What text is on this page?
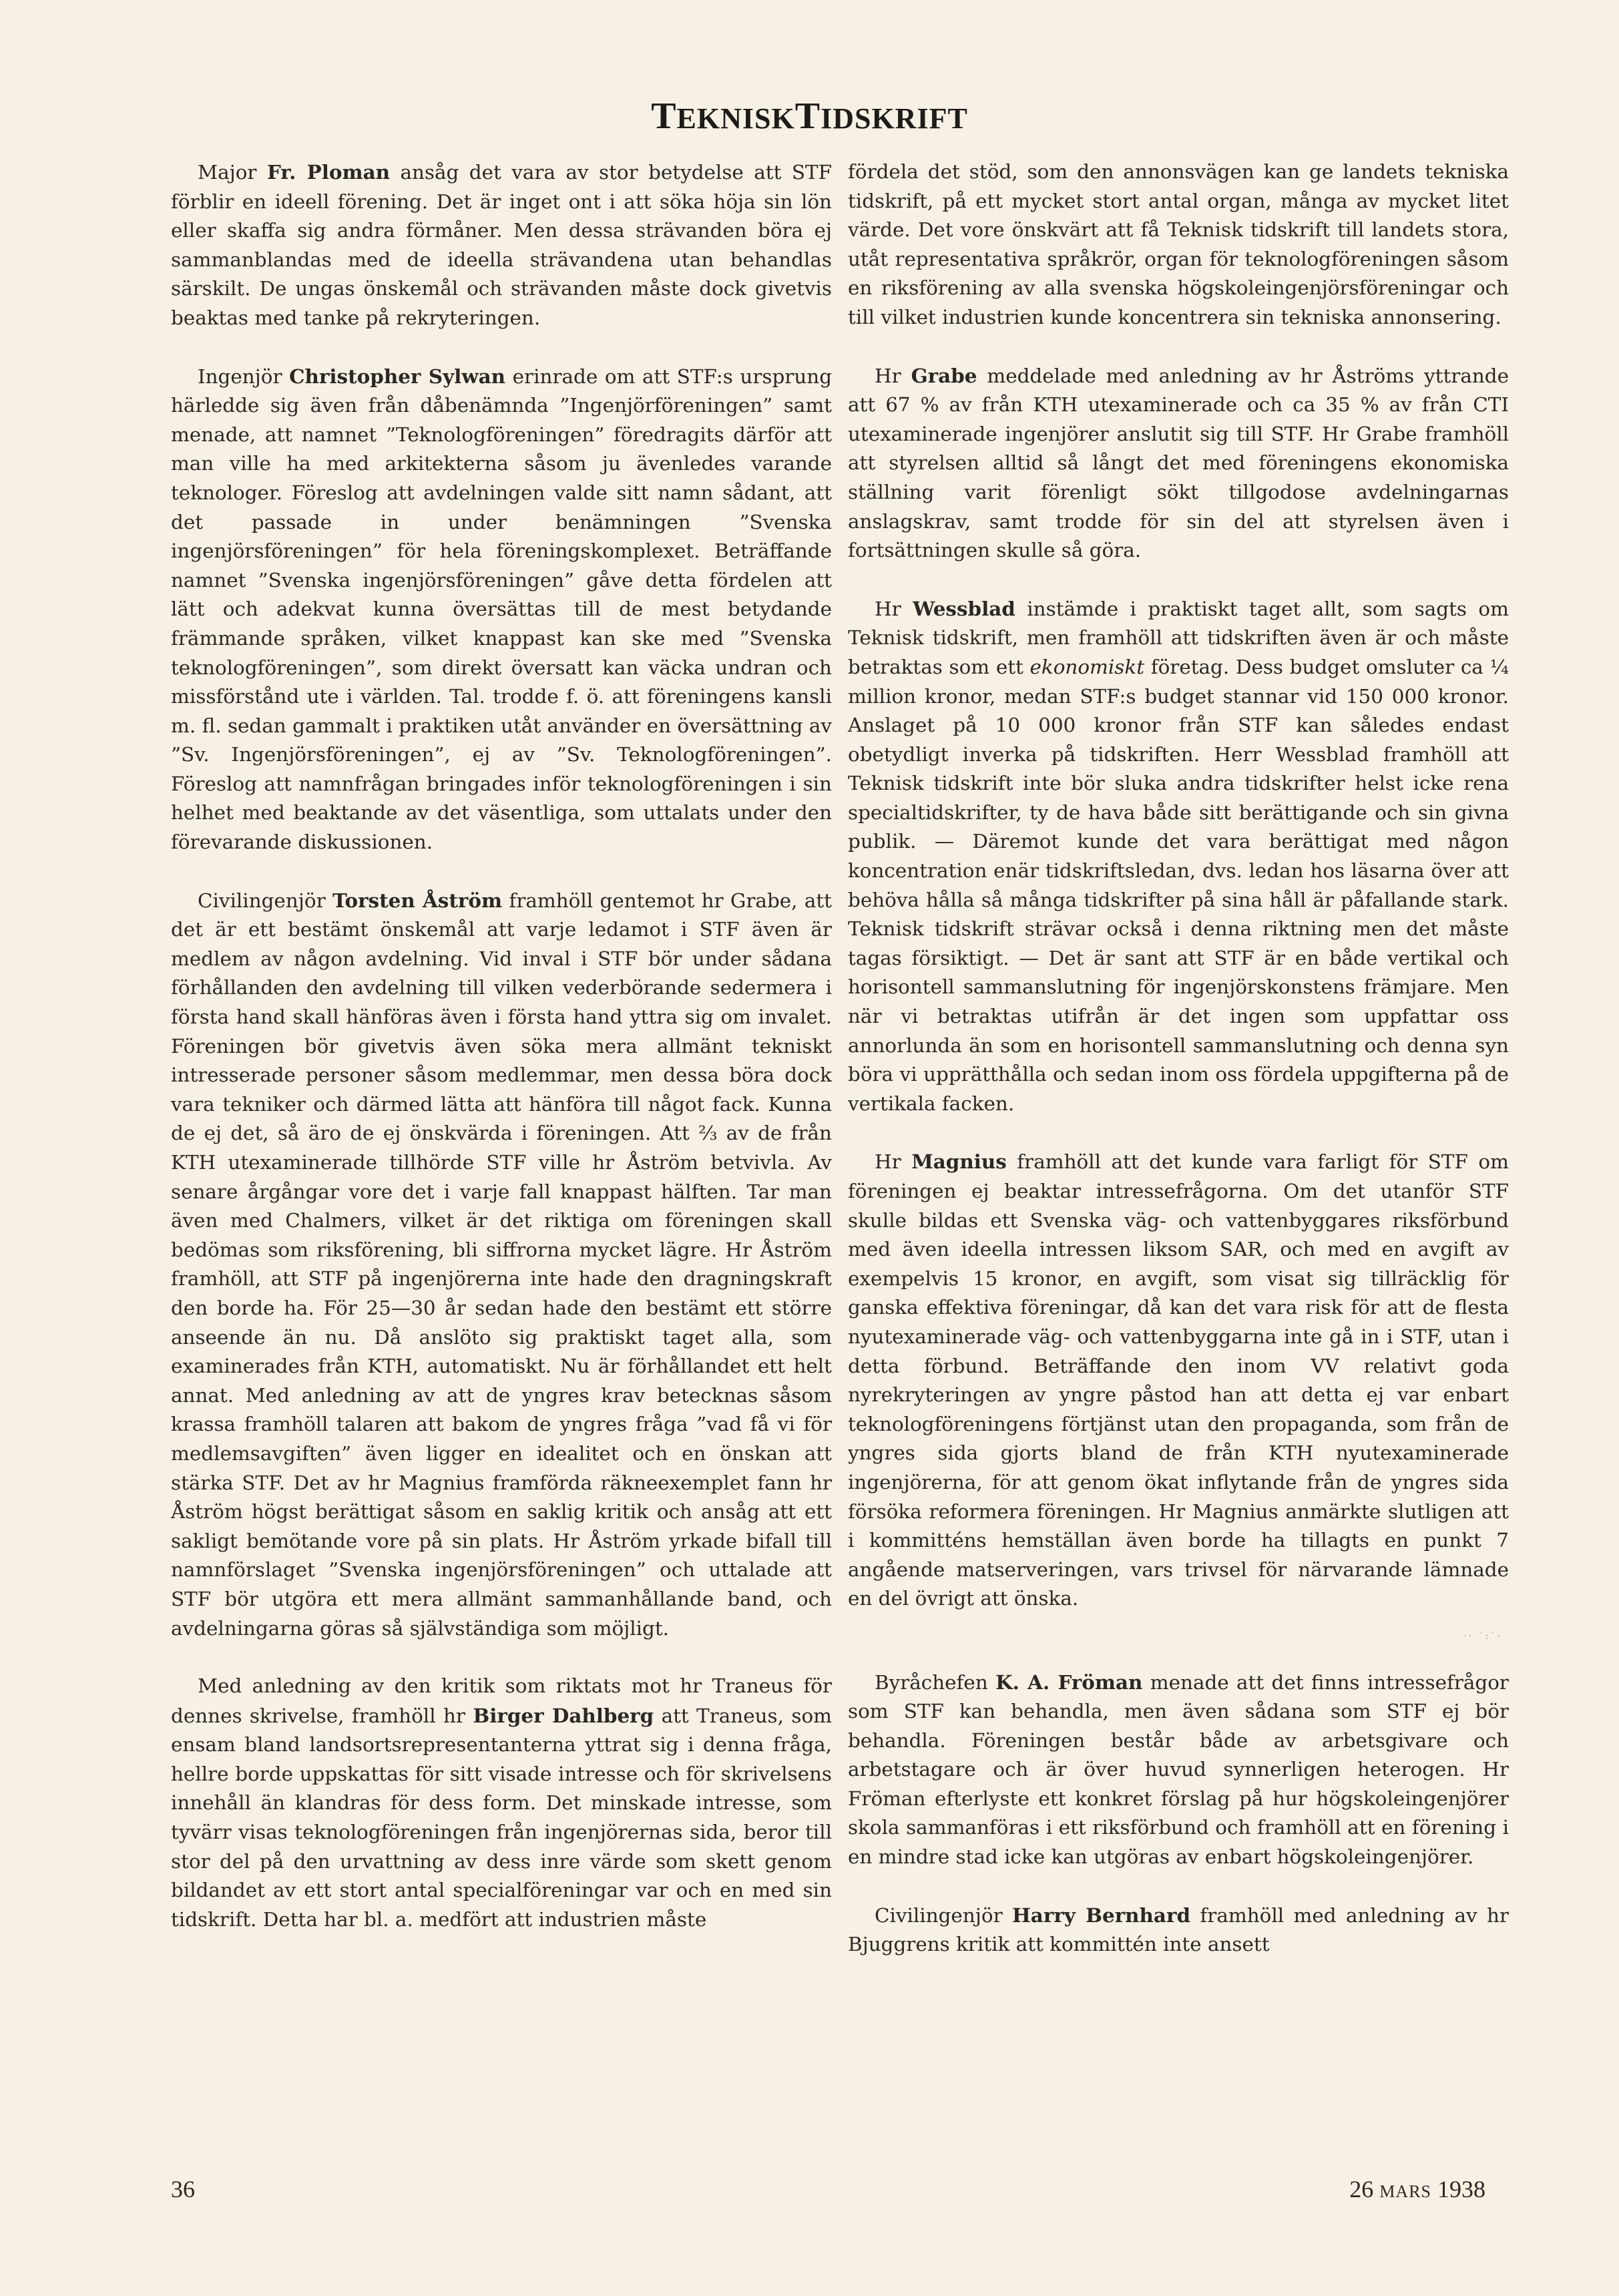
TEKNISKTIDSKRIFT

Major Fr. Ploman ansåg det vara av stor betydelse att STF förblir en ideell förening. Det är inget ont i att söka höja sin lön eller skaffa sig andra förmåner. Men dessa strävanden böra ej sammanblandas med de ideella strävandena utan behandlas särskilt. De ungas önskemål och strävanden måste dock givetvis beaktas med tanke på rekryteringen.

Ingenjör Christopher Sylwan erinrade om att STF:s ursprung härledde sig även från dåbenämnda ”Ingenjörföreningen” samt menade, att namnet ”Teknologföreningen” föredragits därför att man ville ha med arkitekterna såsom ju ävenledes varande teknologer. Föreslog att avdelningen valde sitt namn sådant, att det passade in under benämningen ”Svenska ingenjörsföreningen” för hela föreningskomplexet. Beträffande namnet ”Svenska ingenjörsföreningen” gåve detta fördelen att lätt och adekvat kunna översättas till de mest betydande främmande språken, vilket knappast kan ske med ”Svenska teknologföreningen”, som direkt översatt kan väcka undran och missförstånd ute i världen. Tal. trodde f. ö. att föreningens kansli m. fl. sedan gammalt i praktiken utåt använder en översättning av ”Sv. Ingenjörsföreningen”, ej av ”Sv. Teknologföreningen”. Föreslog att namnfrågan bringades inför teknologföreningen i sin helhet med beaktande av det väsentliga, som uttalats under den förevarande diskussionen.

Civilingenjör Torsten Åström framhöll gentemot hr Grabe, att det är ett bestämt önskemål att varje ledamot i STF även är medlem av någon avdelning. Vid inval i STF bör under sådana förhållanden den avdelning till vilken vederbörande sedermera i första hand skall hänföras även i första hand yttra sig om invalet. Föreningen bör givetvis även söka mera allmänt tekniskt intresserade personer såsom medlemmar, men dessa böra dock vara tekniker och därmed lätta att hänföra till något fack. Kunna de ej det, så äro de ej önskvärda i föreningen. Att ⅔ av de från KTH utexaminerade tillhörde STF ville hr Åström betvivla. Av senare årgångar vore det i varje fall knappast hälften. Tar man även med Chalmers, vilket är det riktiga om föreningen skall bedömas som riksförening, bli siffrorna mycket lägre. Hr Åström framhöll, att STF på ingenjörerna inte hade den dragningskraft den borde ha. För 25—30 år sedan hade den bestämt ett större anseende än nu. Då anslöto sig praktiskt taget alla, som examinerades från KTH, automatiskt. Nu är förhållandet ett helt annat. Med anledning av att de yngres krav betecknas såsom krassa framhöll talaren att bakom de yngres fråga ”vad få vi för medlemsavgiften” även ligger en idealitet och en önskan att stärka STF. Det av hr Magnius framförda räkneexemplet fann hr Åström högst berättigat såsom en saklig kritik och ansåg att ett sakligt bemötande vore på sin plats. Hr Åström yrkade bifall till namnförslaget ”Svenska ingenjörsföreningen” och uttalade att STF bör utgöra ett mera allmänt sammanhållande band, och avdelningarna göras så självständiga som möjligt.

Med anledning av den kritik som riktats mot hr Traneus för dennes skrivelse, framhöll hr Birger Dahlberg att Traneus, som ensam bland landsortsrepresentanterna yttrat sig i denna fråga, hellre borde uppskattas för sitt visade intresse och för skrivelsens innehåll än klandras för dess form. Det minskade intresse, som tyvärr visas teknologföreningen från ingenjörernas sida, beror till stor del på den urvattning av dess inre värde som skett genom bildandet av ett stort antal specialföreningar var och en med sin tidskrift. Detta har bl. a. medfört att industrien måste

fördela det stöd, som den annonsvägen kan ge landets tekniska tidskrift, på ett mycket stort antal organ, många av mycket litet värde. Det vore önskvärt att få Teknisk tidskrift till landets stora, utåt representativa språkrör, organ för teknologföreningen såsom en riksförening av alla svenska högskoleingenjörsföreningar och till vilket industrien kunde koncentrera sin tekniska annonsering.

Hr Grabe meddelade med anledning av hr Åströms yttrande att 67 % av från KTH utexaminerade och ca 35 % av från CTI utexaminerade ingenjörer anslutit sig till STF. Hr Grabe framhöll att styrelsen alltid så långt det med föreningens ekonomiska ställning varit förenligt sökt tillgodose avdelningarnas anslagskrav, samt trodde för sin del att styrelsen även i fortsättningen skulle så göra.

Hr Wessblad instämde i praktiskt taget allt, som sagts om Teknisk tidskrift, men framhöll att tidskriften även är och måste betraktas som ett ekonomiskt företag. Dess budget omsluter ca ¼ million kronor, medan STF:s budget stannar vid 150 000 kronor. Anslaget på 10 000 kronor från STF kan således endast obetydligt inverka på tidskriften. Herr Wessblad framhöll att Teknisk tidskrift inte bör sluka andra tidskrifter helst icke rena specialtidskrifter, ty de hava både sitt berättigande och sin givna publik. — Däremot kunde det vara berättigat med någon koncentration enär tidskriftsledan, dvs. ledan hos läsarna över att behöva hålla så många tidskrifter på sina håll är påfallande stark. Teknisk tidskrift strävar också i denna riktning men det måste tagas försiktigt. — Det är sant att STF är en både vertikal och horisontell sammanslutning för ingenjörskonstens främjare. Men när vi betraktas utifrån är det ingen som uppfattar oss annorlunda än som en horisontell sammanslutning och denna syn böra vi upprätthålla och sedan inom oss fördela uppgifterna på de vertikala facken.

Hr Magnius framhöll att det kunde vara farligt för STF om föreningen ej beaktar intressefrågorna. Om det utanför STF skulle bildas ett Svenska väg- och vattenbyggares riksförbund med även ideella intressen liksom SAR, och med en avgift av exempelvis 15 kronor, en avgift, som visat sig tillräcklig för ganska effektiva föreningar, då kan det vara risk för att de flesta nyutexaminerade väg- och vattenbyggarna inte gå in i STF, utan i detta förbund. Beträffande den inom VV relativt goda nyrekryteringen av yngre påstod han att detta ej var enbart teknologföreningens förtjänst utan den propaganda, som från de yngres sida gjorts bland de från KTH nyutexaminerade ingenjörerna, för att genom ökat inflytande från de yngres sida försöka reformera föreningen. Hr Magnius anmärkte slutligen att i kommitténs hemställan även borde ha tillagts en punkt 7 angående matserveringen, vars trivsel för närvarande lämnade en del övrigt att önska.

·· ˙:˙·

Byråchefen K. A. Fröman menade att det finns intressefrågor som STF kan behandla, men även sådana som STF ej bör behandla. Föreningen består både av arbetsgivare och arbetstagare och är över huvud synnerligen heterogen. Hr Fröman efterlyste ett konkret förslag på hur högskoleingenjörer skola sammanföras i ett riksförbund och framhöll att en förening i en mindre stad icke kan utgöras av enbart högskoleingenjörer.

Civilingenjör Harry Bernhard framhöll med anledning av hr Bjuggrens kritik att kommittén inte ansett

36	26 MARS 1938
